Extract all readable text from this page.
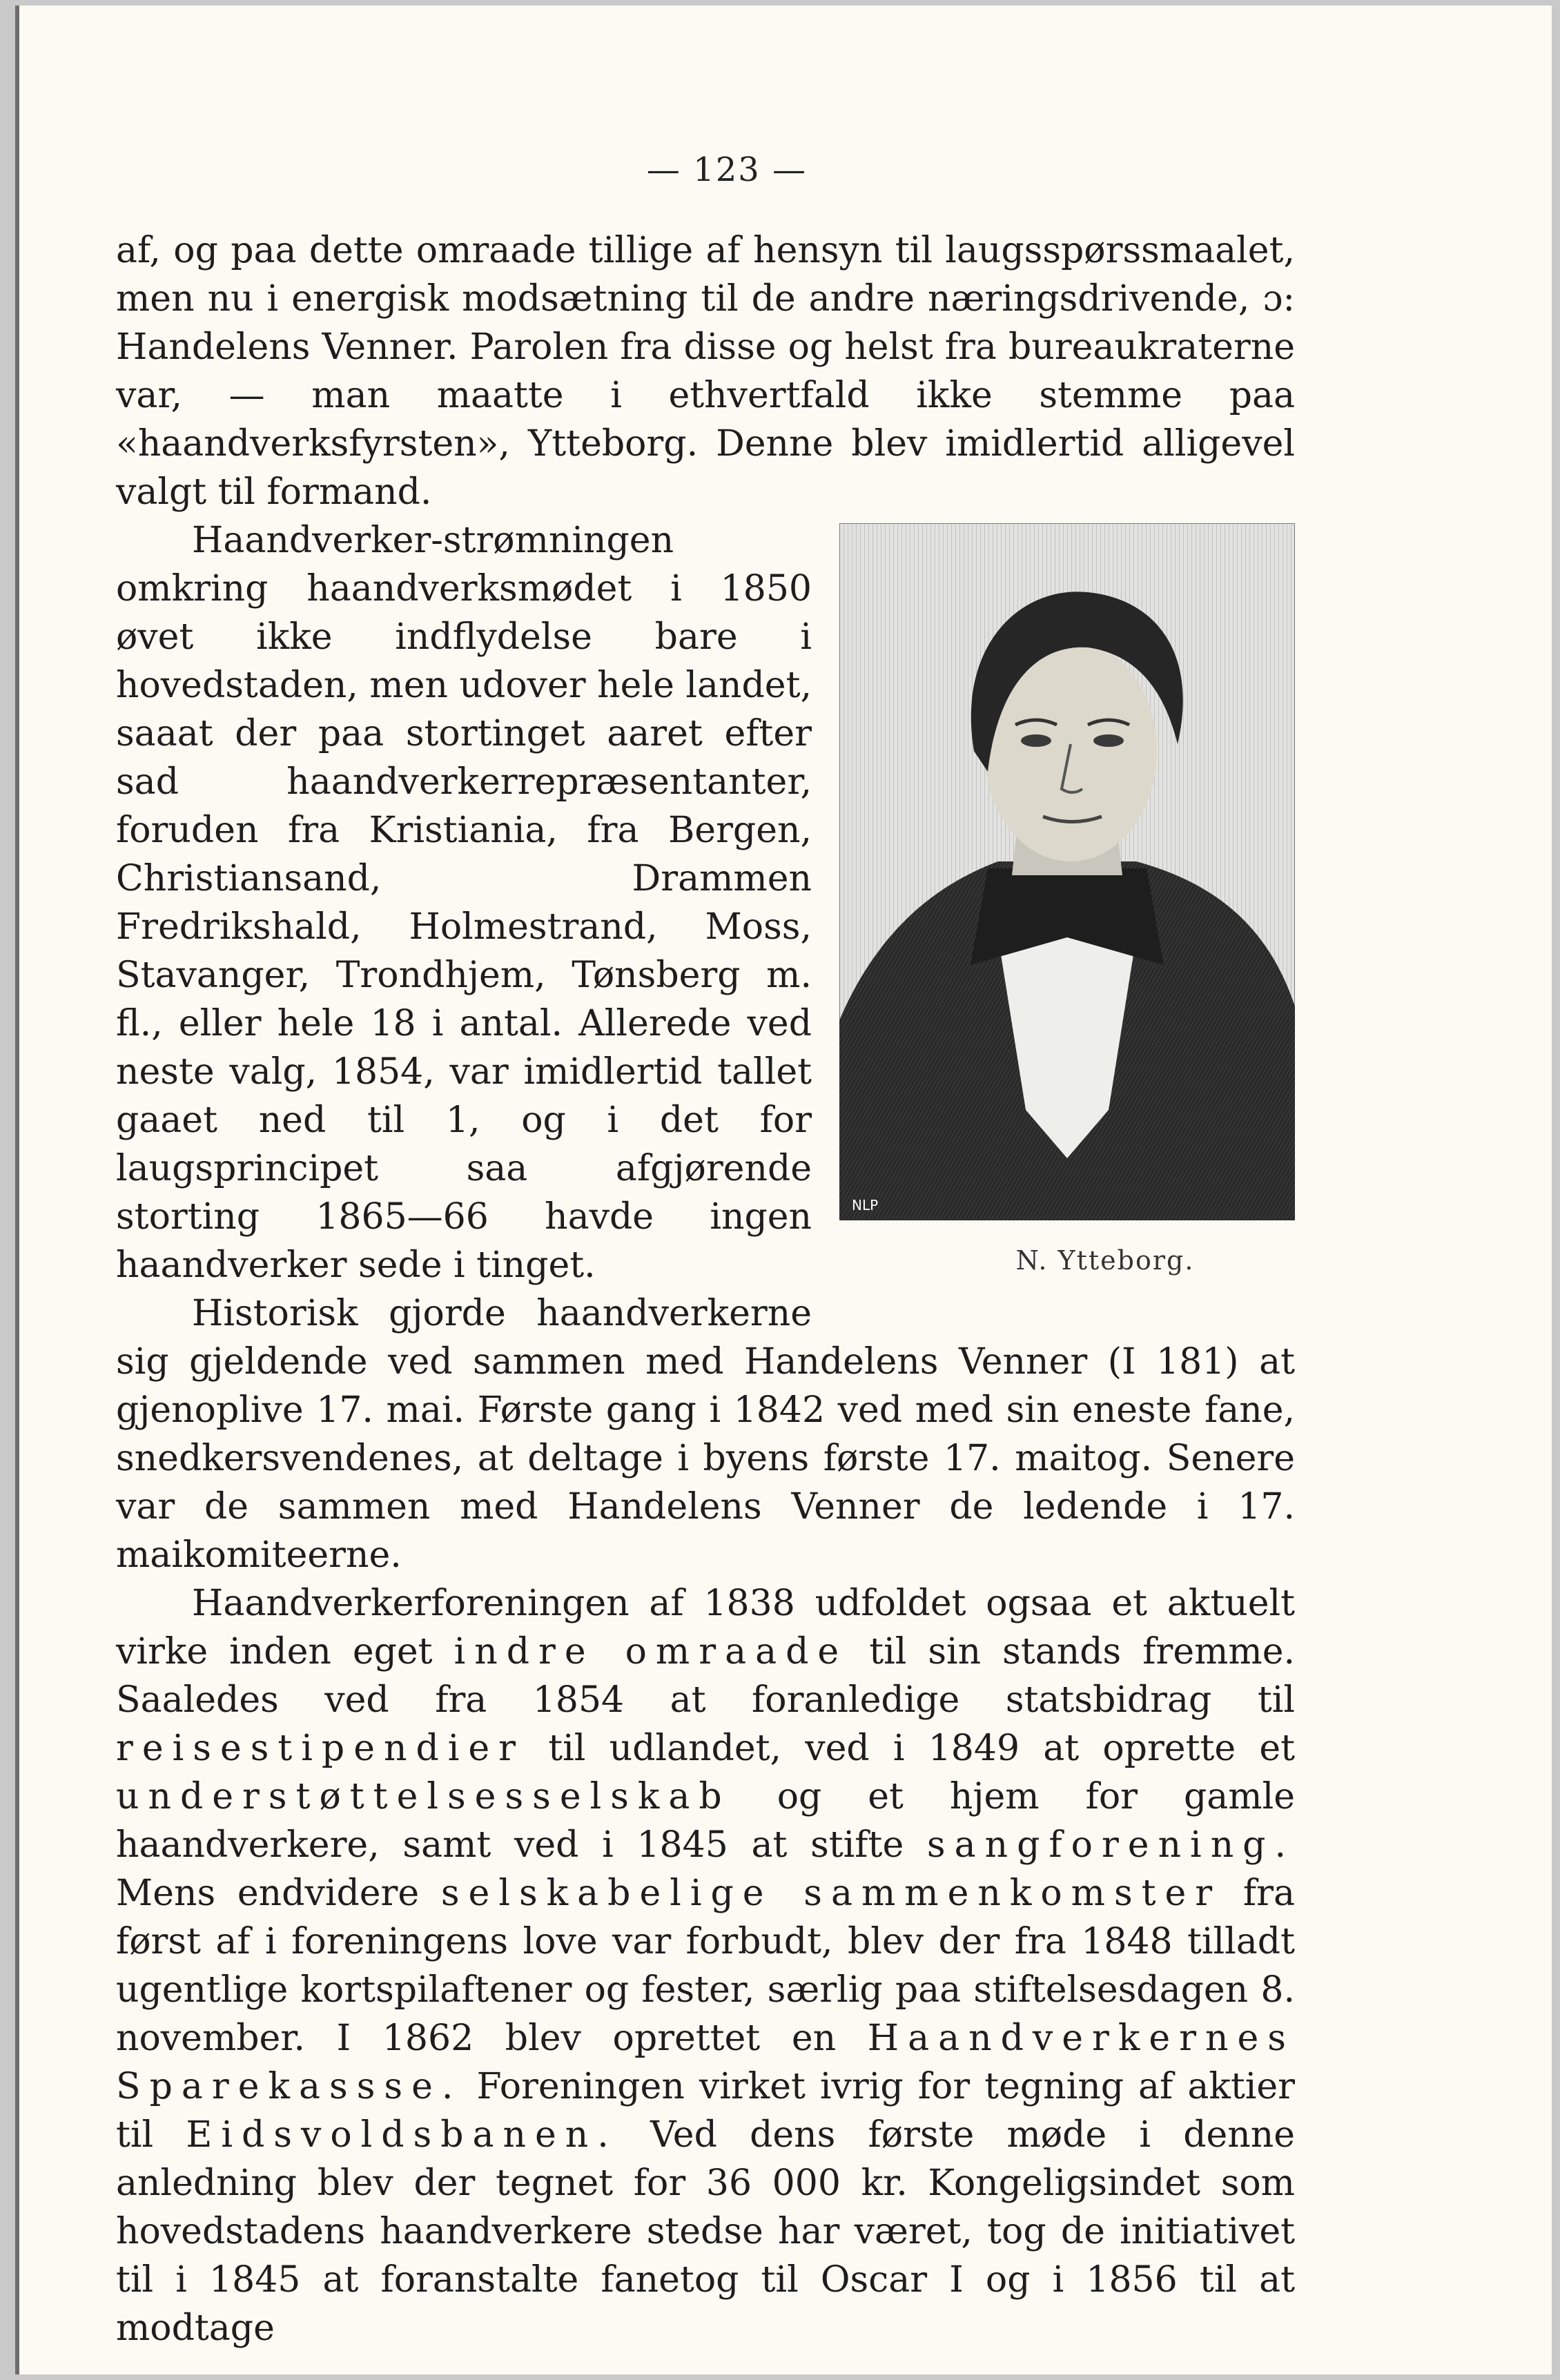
— 123 —

af, og paa dette omraade tillige af hensyn til laugsspørssmaalet, men nu i energisk modsætning til de andre næringsdrivende, ɔ: Handelens Venner. Parolen fra disse og helst fra bureaukraterne var, — man maatte i ethvertfald ikke stemme paa «haandverksfyrsten», Ytteborg. Denne blev imidlertid alligevel valgt til formand.

NLP
N. Ytteborg.
Haandverker-strømningen omkring haandverksmødet i 1850 øvet ikke indflydelse bare i hovedstaden, men udover hele landet, saaat der paa stortinget aaret efter sad haandverkerrepræsentanter, foruden fra Kristiania, fra Bergen, Christiansand, Drammen Fredrikshald, Holmestrand, Moss, Stavanger, Trondhjem, Tønsberg m. fl., eller hele 18 i antal. Allerede ved neste valg, 1854, var imidlertid tallet gaaet ned til 1, og i det for laugsprincipet saa afgjørende storting 1865—66 havde ingen haandverker sede i tinget.

Historisk gjorde haandverkerne sig gjeldende ved sammen med Handelens Venner (I 181) at gjenoplive 17. mai. Første gang i 1842 ved med sin eneste fane, snedkersvendenes, at deltage i byens første 17. maitog. Senere var de sammen med Handelens Venner de ledende i 17. maikomiteerne.

Haandverkerforeningen af 1838 udfoldet ogsaa et aktuelt virke inden eget indre omraade til sin stands fremme. Saaledes ved fra 1854 at foranledige statsbidrag til reisestipendier til udlandet, ved i 1849 at oprette et understøttelsesselskab og et hjem for gamle haandverkere, samt ved i 1845 at stifte sangforening. Mens endvidere selskabelige sammenkomster fra først af i foreningens love var forbudt, blev der fra 1848 tilladt ugentlige kortspilaftener og fester, særlig paa stiftelsesdagen 8. november. I 1862 blev oprettet en Haandverkernes Sparekassse. Foreningen virket ivrig for tegning af aktier til Eidsvoldsbanen. Ved dens første møde i denne anledning blev der tegnet for 36 000 kr. Kongeligsindet som hovedstadens haandverkere stedse har været, tog de initiativet til i 1845 at foranstalte fanetog til Oscar I og i 1856 til at modtage
